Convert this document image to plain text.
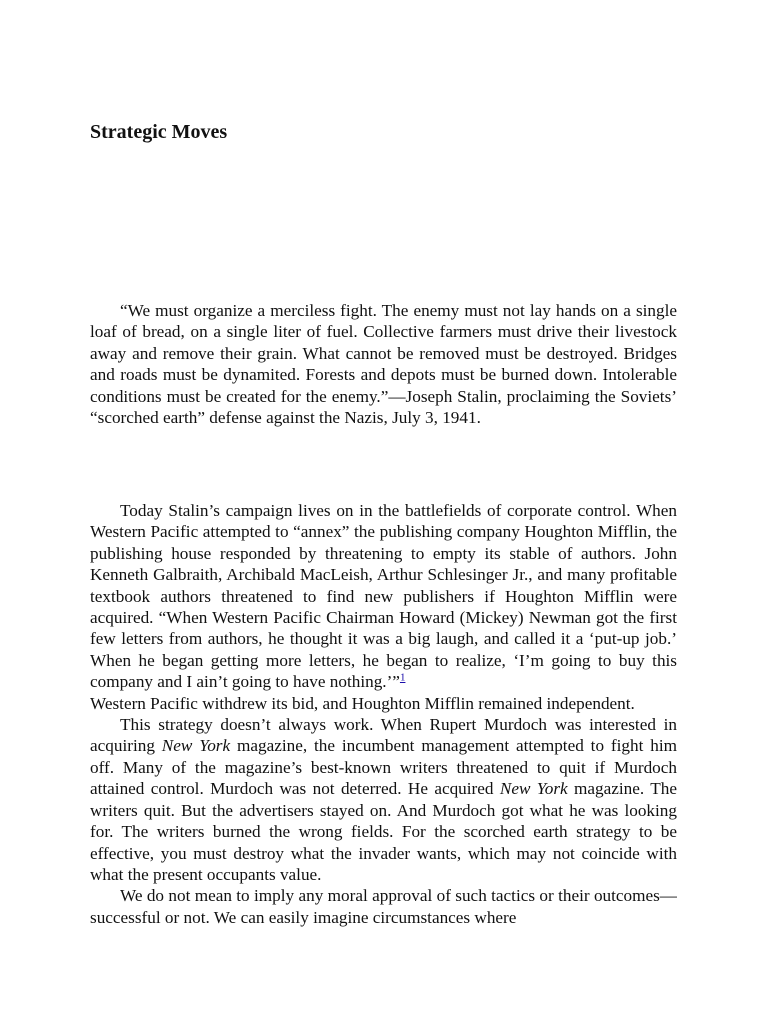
Strategic Moves

“We must organize a merciless fight. The enemy must not lay hands on a single loaf of bread, on a single liter of fuel. Collective farmers must drive their livestock away and remove their grain. What cannot be removed must be destroyed. Bridges and roads must be dynamited. Forests and depots must be burned down. Intolerable conditions must be created for the enemy.”—Joseph Stalin, proclaiming the Soviets’ “scorched earth” defense against the Nazis, July 3, 1941.

Today Stalin’s campaign lives on in the battlefields of corporate control. When Western Pacific attempted to “annex” the publishing company Houghton Mifflin, the publishing house responded by threatening to empty its stable of authors. John Kenneth Galbraith, Archibald MacLeish, Arthur Schlesinger Jr., and many profitable textbook authors threatened to find new publishers if Houghton Mifflin were acquired. “When Western Pacific Chairman Howard (Mickey) Newman got the first few letters from authors, he thought it was a big laugh, and called it a ‘put-up job.’ When he began getting more letters, he began to realize, ‘I’m going to buy this company and I ain’t going to have nothing.’”$^1$

Western Pacific withdrew its bid, and Houghton Mifflin remained independent.

This strategy doesn’t always work. When Rupert Murdoch was interested in acquiring New York magazine, the incumbent management attempted to fight him off. Many of the magazine’s best-known writers threatened to quit if Murdoch attained control. Murdoch was not deterred. He acquired New York magazine. The writers quit. But the advertisers stayed on. And Murdoch got what he was looking for. The writers burned the wrong fields. For the scorched earth strategy to be effective, you must destroy what the invader wants, which may not coincide with what the present occupants value.

We do not mean to imply any moral approval of such tactics or their outcomes—successful or not. We can easily imagine circumstances where
